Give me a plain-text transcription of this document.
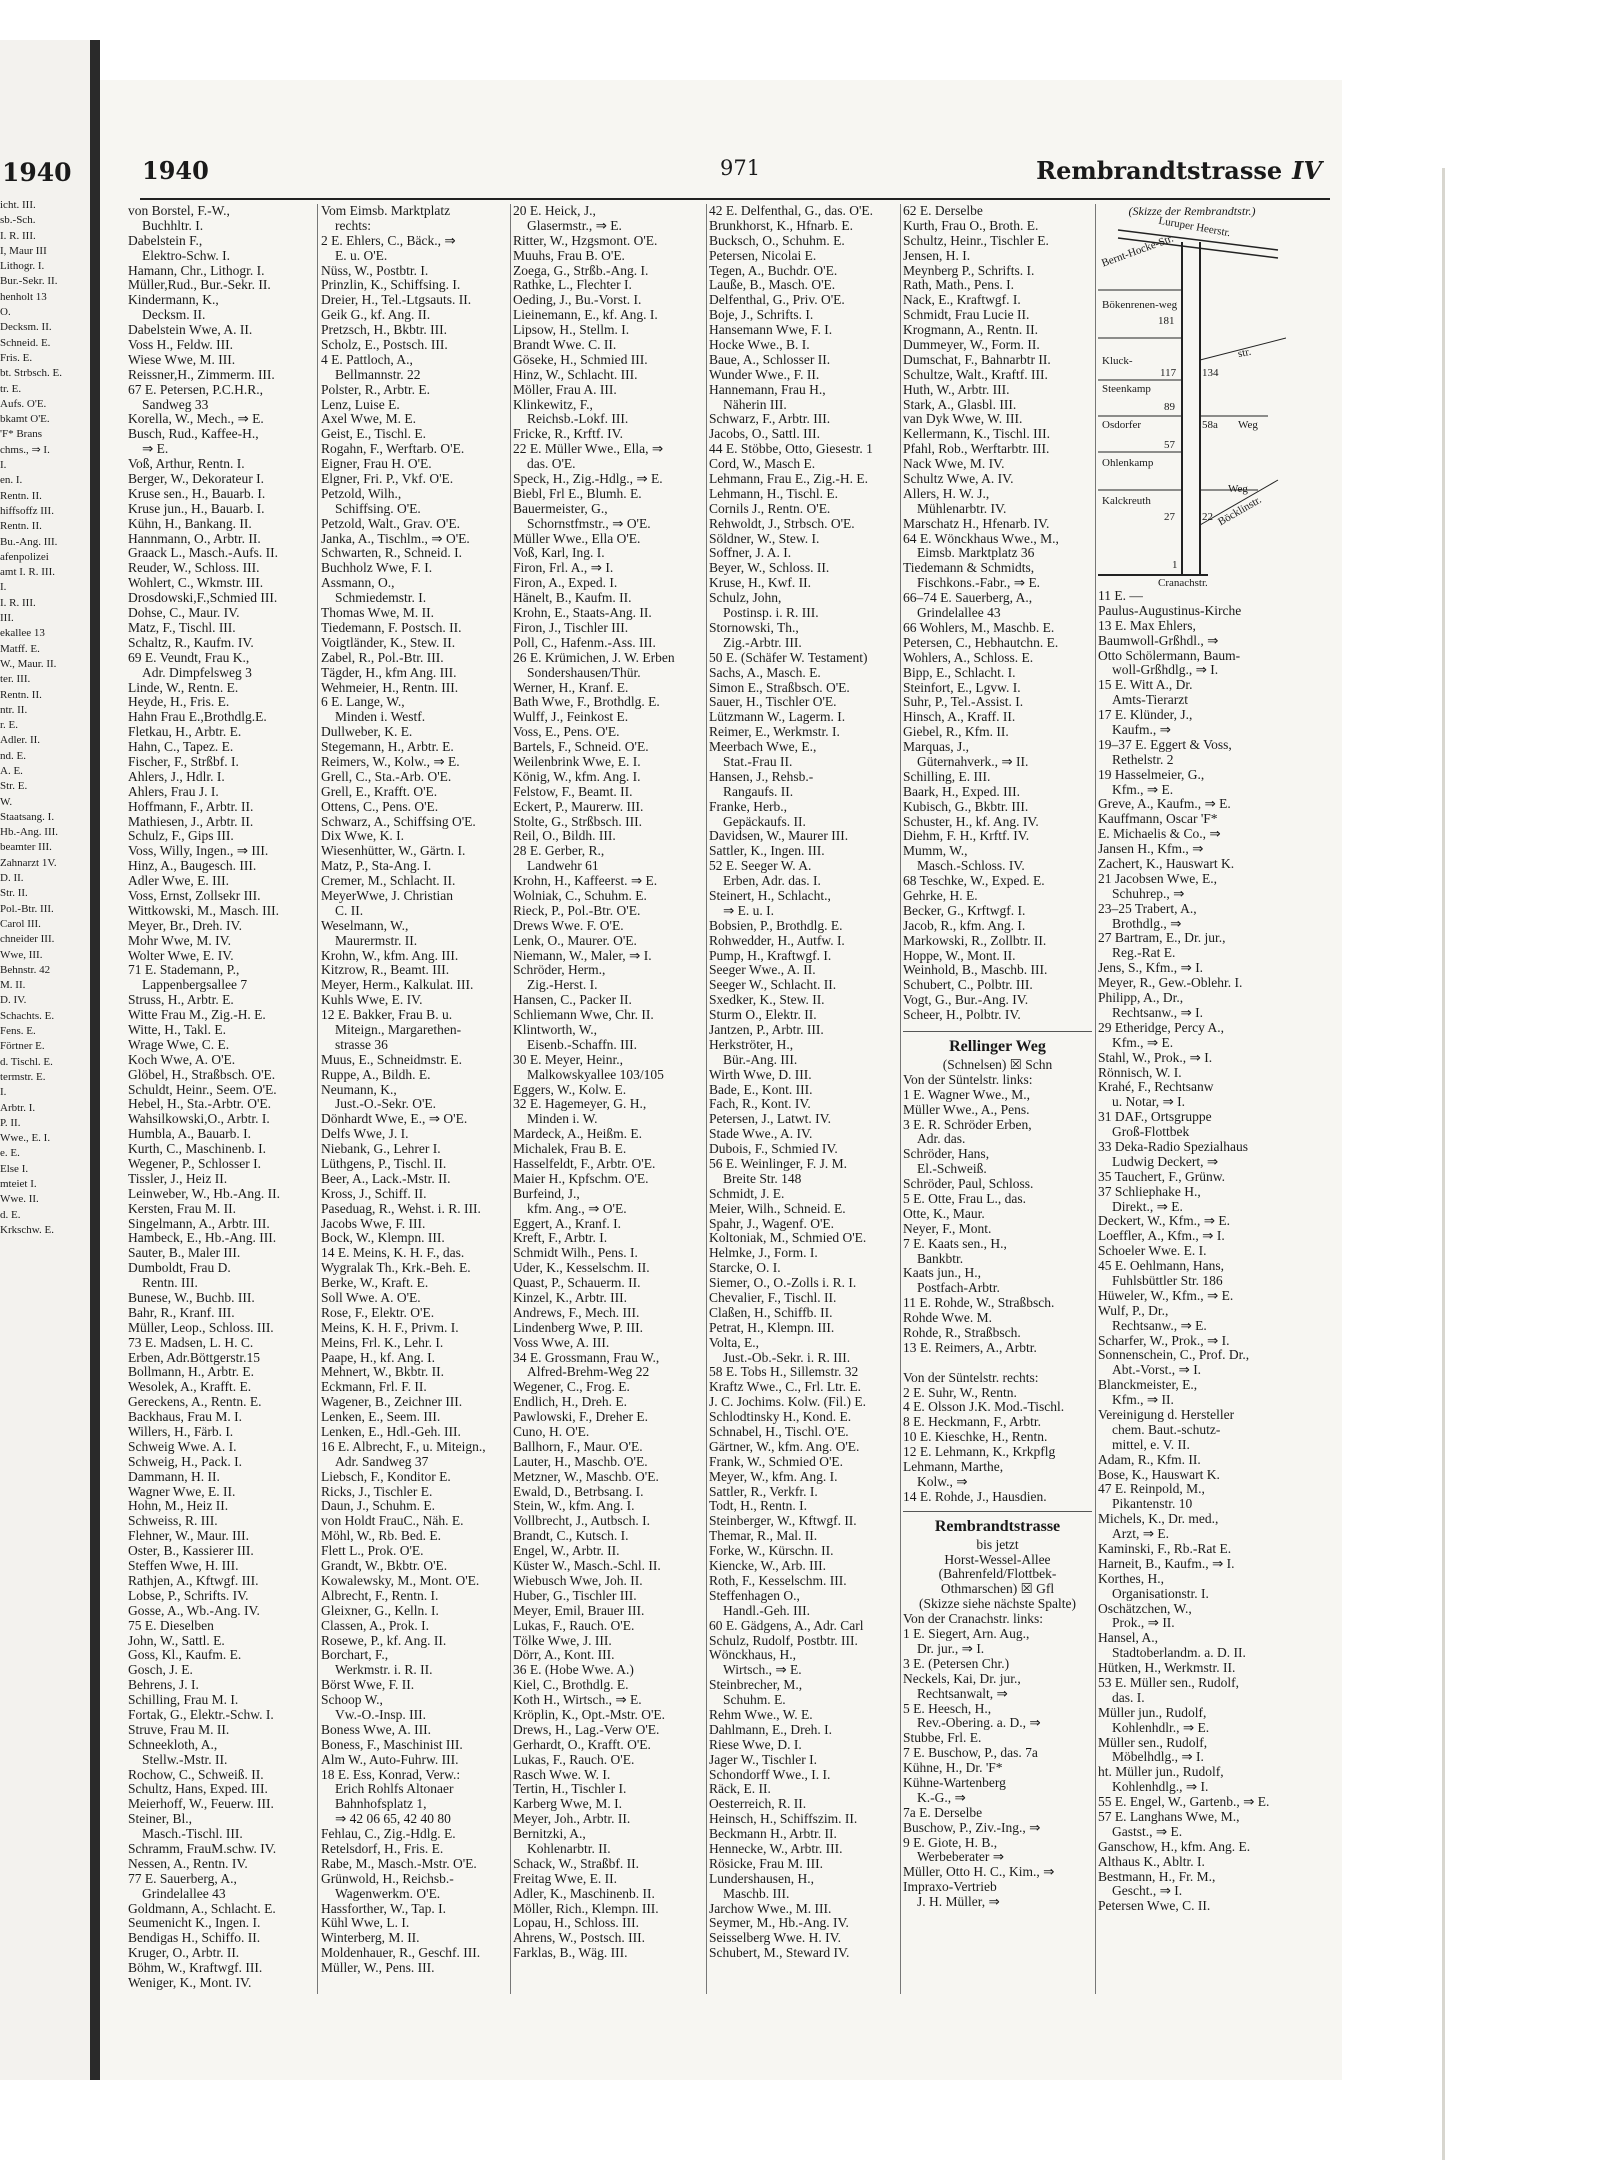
1940
icht. III.
sb.-Sch.
I. R. III.
I, Maur III
Lithogr. I.
Bur.-Sekr. II.
henholt 13
O.
Decksm. II.
Schneid. E.
Fris. E.
bt. Strbsch. E.
tr. E.
Aufs. O'E.
bkamt O'E.
'F* Brans
chms., ⇒ I.
I.
en. I.
Rentn. II.
hiffsoffz III.
Rentn. II.
Bu.-Ang. III.
afenpolizei
amt I. R. III.
I.
I. R. III.
III.
ekallee 13
Matff. E.
W., Maur. II.
ter. III.
Rentn. II.
ntr. II.
r. E.
Adler. II.
nd. E.
A. E.
Str. E.
W.
Staatsang. I.
Hb.-Ang. III.
beamter III.
Zahnarzt 1V.
D. II.
Str. II.
Pol.-Btr. III.
Carol III.
chneider III.
Wwe, III.
Behnstr. 42
M. II.
D. IV.
Schachts. E.
Fens. E.
Förtner E.
d. Tischl. E.
termstr. E.
I.
Arbtr. I.
P. II.
Wwe., E. I.
e. E.
Else I.
mteiet I.
Wwe. II.
d. E.
Krkschw. E.
1940	971	Rembrandtstrasse IV
von Borstel, F.-W.,
Buchhltr. I.
Dabelstein F.,
Elektro-Schw. I.
Hamann, Chr., Lithogr. I.
Müller,Rud., Bur.-Sekr. II.
Kindermann, K.,
Decksm. II.
Dabelstein Wwe, A. II.
Voss H., Feldw. III.
Wiese Wwe, M. III.
Reissner,H., Zimmerm. III.
67 E. Petersen, P.C.H.R.,
Sandweg 33
Korella, W., Mech., ⇒ E.
Busch, Rud., Kaffee-H.,
⇒ E.
Voß, Arthur, Rentn. I.
Berger, W., Dekorateur I.
Kruse sen., H., Bauarb. I.
Kruse jun., H., Bauarb. I.
Kühn, H., Bankang. II.
Hannmann, O., Arbtr. II.
Graack L., Masch.-Aufs. II.
Reuder, W., Schloss. III.
Wohlert, C., Wkmstr. III.
Drosdowski,F.,Schmied III.
Dohse, C., Maur. IV.
Matz, F., Tischl. III.
Schaltz, R., Kaufm. IV.
69 E. Veundt, Frau K.,
Adr. Dimpfelsweg 3
Linde, W., Rentn. E.
Heyde, H., Fris. E.
Hahn Frau E.,Brothdlg.E.
Fletkau, H., Arbtr. E.
Hahn, C., Tapez. E.
Fischer, F., Strßbf. I.
Ahlers, J., Hdlr. I.
Ahlers, Frau J. I.
Hoffmann, F., Arbtr. II.
Mathiesen, J., Arbtr. II.
Schulz, F., Gips III.
Voss, Willy, Ingen., ⇒ III.
Hinz, A., Baugesch. III.
Adler Wwe, E. III.
Voss, Ernst, Zollsekr III.
Wittkowski, M., Masch. III.
Meyer, Br., Dreh. IV.
Mohr Wwe, M. IV.
Wolter Wwe, E. IV.
71 E. Stademann, P.,
Lappenbergsallee 7
Struss, H., Arbtr. E.
Witte Frau M., Zig.-H. E.
Witte, H., Takl. E.
Wrage Wwe, C. E.
Koch Wwe, A. O'E.
Glöbel, H., Straßbsch. O'E.
Schuldt, Heinr., Seem. O'E.
Hebel, H., Sta.-Arbtr. O'E.
Wahsilkowski,O., Arbtr. I.
Humbla, A., Bauarb. I.
Kurth, C., Maschinenb. I.
Wegener, P., Schlosser I.
Tissler, J., Heiz II.
Leinweber, W., Hb.-Ang. II.
Kersten, Frau M. II.
Singelmann, A., Arbtr. III.
Hambeck, E., Hb.-Ang. III.
Sauter, B., Maler III.
Dumboldt, Frau D.
Rentn. III.
Bunese, W., Buchb. III.
Bahr, R., Kranf. III.
Müller, Leop., Schloss. III.
73 E. Madsen, L. H. C.
Erben, Adr.Böttgerstr.15
Bollmann, H., Arbtr. E.
Wesolek, A., Krafft. E.
Gereckens, A., Rentn. E.
Backhaus, Frau M. I.
Willers, H., Färb. I.
Schweig Wwe. A. I.
Schweig, H., Pack. I.
Dammann, H. II.
Wagner Wwe, E. II.
Hohn, M., Heiz II.
Schweiss, R. III.
Flehner, W., Maur. III.
Oster, B., Kassierer III.
Steffen Wwe, H. III.
Rathjen, A., Kftwgf. III.
Lobse, P., Schrifts. IV.
Gosse, A., Wb.-Ang. IV.
75 E. Dieselben
John, W., Sattl. E.
Goss, Kl., Kaufm. E.
Gosch, J. E.
Behrens, J. I.
Schilling, Frau M. I.
Fortak, G., Elektr.-Schw. I.
Struve, Frau M. II.
Schneekloth, A.,
Stellw.-Mstr. II.
Rochow, C., Schweiß. II.
Schultz, Hans, Exped. III.
Meierhoff, W., Feuerw. III.
Steiner, Bl.,
Masch.-Tischl. III.
Schramm, FrauM.schw. IV.
Nessen, A., Rentn. IV.
77 E. Sauerberg, A.,
Grindelallee 43
Goldmann, A., Schlacht. E.
Seumenicht K., Ingen. I.
Bendigas H., Schiffo. II.
Kruger, O., Arbtr. II.
Böhm, W., Kraftwgf. III.
Weniger, K., Mont. IV.
Vom Eimsb. Marktplatz
rechts:
2 E. Ehlers, C., Bäck., ⇒
E. u. O'E.
Nüss, W., Postbtr. I.
Prinzlin, K., Schiffsing. I.
Dreier, H., Tel.-Ltgsauts. II.
Geik G., kf. Ang. II.
Pretzsch, H., Bkbtr. III.
Scholz, E., Postsch. III.
4 E. Pattloch, A.,
Bellmannstr. 22
Polster, R., Arbtr. E.
Lenz, Luise E.
Axel Wwe, M. E.
Geist, E., Tischl. E.
Rogahn, F., Werftarb. O'E.
Eigner, Frau H. O'E.
Elgner, Fri. P., Vkf. O'E.
Petzold, Wilh.,
Schiffsing. O'E.
Petzold, Walt., Grav. O'E.
Janka, A., Tischlm., ⇒ O'E.
Schwarten, R., Schneid. I.
Buchholz Wwe, F. I.
Assmann, O.,
Schmiedemstr. I.
Thomas Wwe, M. II.
Tiedemann, F. Postsch. II.
Voigtländer, K., Stew. II.
Zabel, R., Pol.-Btr. III.
Tägder, H., kfm Ang. III.
Wehmeier, H., Rentn. III.
6 E. Lange, W.,
Minden i. Westf.
Dullweber, K. E.
Stegemann, H., Arbtr. E.
Reimers, W., Kolw., ⇒ E.
Grell, C., Sta.-Arb. O'E.
Grell, E., Krafft. O'E.
Ottens, C., Pens. O'E.
Schwarz, A., Schiffsing O'E.
Dix Wwe, K. I.
Wiesenhütter, W., Gärtn. I.
Matz, P., Sta-Ang. I.
Cremer, M., Schlacht. II.
MeyerWwe, J. Christian
C. II.
Weselmann, W.,
Maurermstr. II.
Krohn, W., kfm. Ang. III.
Kitzrow, R., Beamt. III.
Meyer, Herm., Kalkulat. III.
Kuhls Wwe, E. IV.
12 E. Bakker, Frau B. u.
Miteign., Margarethen-
strasse 36
Muus, E., Schneidmstr. E.
Ruppe, A., Bildh. E.
Neumann, K.,
Just.-O.-Sekr. O'E.
Dönhardt Wwe, E., ⇒ O'E.
Delfs Wwe, J. I.
Niebank, G., Lehrer I.
Lüthgens, P., Tischl. II.
Beer, A., Lack.-Mstr. II.
Kross, J., Schiff. II.
Paseduag, R., Wehst. i. R. III.
Jacobs Wwe, F. III.
Bock, W., Klempn. III.
14 E. Meins, K. H. F., das.
Wygralak Th., Krk.-Beh. E.
Berke, W., Kraft. E.
Soll Wwe. A. O'E.
Rose, F., Elektr. O'E.
Meins, K. H. F., Privm. I.
Meins, Frl. K., Lehr. I.
Paape, H., kf. Ang. I.
Mehnert, W., Bkbtr. II.
Eckmann, Frl. F. II.
Wagener, B., Zeichner III.
Lenken, E., Seem. III.
Lenken, E., Hdl.-Geh. III.
16 E. Albrecht, F., u. Miteign.,
Adr. Sandweg 37
Liebsch, F., Konditor E.
Ricks, J., Tischler E.
Daun, J., Schuhm. E.
von Holdt FrauC., Näh. E.
Möhl, W., Rb. Bed. E.
Flett L., Prok. O'E.
Grandt, W., Bkbtr. O'E.
Kowalewsky, M., Mont. O'E.
Albrecht, F., Rentn. I.
Gleixner, G., Kelln. I.
Classen, A., Prok. I.
Rosewe, P., kf. Ang. II.
Borchart, F.,
Werkmstr. i. R. II.
Börst Wwe, F. II.
Schoop W.,
Vw.-O.-Insp. III.
Boness Wwe, A. III.
Boness, F., Maschinist III.
Alm W., Auto-Fuhrw. III.
18 E. Ess, Konrad, Verw.:
Erich Rohlfs Altonaer
Bahnhofsplatz 1,
⇒ 42 06 65, 42 40 80
Fehlau, C., Zig.-Hdlg. E.
Retelsdorf, H., Fris. E.
Rabe, M., Masch.-Mstr. O'E.
Grünwold, H., Reichsb.-
Wagenwerkm. O'E.
Hassforther, W., Tap. I.
Kühl Wwe, L. I.
Winterberg, M. II.
Moldenhauer, R., Geschf. III.
Müller, W., Pens. III.
20 E. Heick, J.,
Glasermstr., ⇒ E.
Ritter, W., Hzgsmont. O'E.
Muuhs, Frau B. O'E.
Zoega, G., Strßb.-Ang. I.
Rathke, L., Flechter I.
Oeding, J., Bu.-Vorst. I.
Lieinemann, E., kf. Ang. I.
Lipsow, H., Stellm. I.
Brandt Wwe. C. II.
Göseke, H., Schmied III.
Hinz, W., Schlacht. III.
Möller, Frau A. III.
Klinkewitz, F.,
Reichsb.-Lokf. III.
Fricke, R., Krftf. IV.
22 E. Müller Wwe., Ella, ⇒
das. O'E.
Speck, H., Zig.-Hdlg., ⇒ E.
Biebl, Frl E., Blumh. E.
Bauermeister, G.,
Schornstfmstr., ⇒ O'E.
Müller Wwe., Ella O'E.
Voß, Karl, Ing. I.
Firon, Frl. A., ⇒ I.
Firon, A., Exped. I.
Hänelt, B., Kaufm. II.
Krohn, E., Staats-Ang. II.
Firon, J., Tischler III.
Poll, C., Hafenm.-Ass. III.
26 E. Krümichen, J. W. Erben
Sondershausen/Thür.
Werner, H., Kranf. E.
Bath Wwe, F., Brothdlg. E.
Wulff, J., Feinkost E.
Voss, E., Pens. O'E.
Bartels, F., Schneid. O'E.
Weilenbrink Wwe, E. I.
König, W., kfm. Ang. I.
Felstow, F., Beamt. II.
Eckert, P., Maurerw. III.
Stolte, G., Strßbsch. III.
Reil, O., Bildh. III.
28 E. Gerber, R.,
Landwehr 61
Krohn, H., Kaffeerst. ⇒ E.
Wolniak, C., Schuhm. E.
Rieck, P., Pol.-Btr. O'E.
Drews Wwe. F. O'E.
Lenk, O., Maurer. O'E.
Niemann, W., Maler, ⇒ I.
Schröder, Herm.,
Zig.-Herst. I.
Hansen, C., Packer II.
Schliemann Wwe, Chr. II.
Klintworth, W.,
Eisenb.-Schaffn. III.
30 E. Meyer, Heinr.,
Malkowskyallee 103/105
Eggers, W., Kolw. E.
32 E. Hagemeyer, G. H.,
Minden i. W.
Mardeck, A., Heißm. E.
Michalek, Frau B. E.
Hasselfeldt, F., Arbtr. O'E.
Maier H., Kpfschm. O'E.
Burfeind, J.,
kfm. Ang., ⇒ O'E.
Eggert, A., Kranf. I.
Kreft, F., Arbtr. I.
Schmidt Wilh., Pens. I.
Uder, K., Kesselschm. II.
Quast, P., Schauerm. II.
Kinzel, K., Arbtr. III.
Andrews, F., Mech. III.
Lindenberg Wwe, P. III.
Voss Wwe, A. III.
34 E. Grossmann, Frau W.,
Alfred-Brehm-Weg 22
Wegener, C., Frog. E.
Endlich, H., Dreh. E.
Pawlowski, F., Dreher E.
Cuno, H. O'E.
Ballhorn, F., Maur. O'E.
Lauter, H., Maschb. O'E.
Metzner, W., Maschb. O'E.
Ewald, D., Betrbsang. I.
Stein, W., kfm. Ang. I.
Vollbrecht, J., Autbsch. I.
Brandt, C., Kutsch. I.
Engel, W., Arbtr. II.
Küster W., Masch.-Schl. II.
Wiebusch Wwe, Joh. II.
Huber, G., Tischler III.
Meyer, Emil, Brauer III.
Lukas, F., Rauch. O'E.
Tölke Wwe, J. III.
Dörr, A., Kont. III.
36 E. (Hobe Wwe. A.)
Kiel, C., Brothdlg. E.
Koth H., Wirtsch., ⇒ E.
Kröplin, K., Opt.-Mstr. O'E.
Drews, H., Lag.-Verw O'E.
Gerhardt, O., Krafft. O'E.
Lukas, F., Rauch. O'E.
Rasch Wwe. W. I.
Tertin, H., Tischler I.
Karberg Wwe, M. I.
Meyer, Joh., Arbtr. II.
Bernitzki, A.,
Kohlenarbtr. II.
Schack, W., Straßbf. II.
Freitag Wwe, E. II.
Adler, K., Maschinenb. II.
Möller, Rich., Klempn. III.
Lopau, H., Schloss. III.
Ahrens, W., Postsch. III.
Farklas, B., Wäg. III.
42 E. Delfenthal, G., das. O'E.
Brunkhorst, K., Hfnarb. E.
Bucksch, O., Schuhm. E.
Petersen, Nicolai E.
Tegen, A., Buchdr. O'E.
Lauße, B., Masch. O'E.
Delfenthal, G., Priv. O'E.
Boje, J., Schrifts. I.
Hansemann Wwe, F. I.
Hocke Wwe., B. I.
Baue, A., Schlosser II.
Wunder Wwe., F. II.
Hannemann, Frau H.,
Näherin III.
Schwarz, F., Arbtr. III.
Jacobs, O., Sattl. III.
44 E. Stöbbe, Otto, Giesestr. 1
Cord, W., Masch E.
Lehmann, Frau E., Zig.-H. E.
Lehmann, H., Tischl. E.
Cornils J., Rentn. O'E.
Rehwoldt, J., Strbsch. O'E.
Söldner, W., Stew. I.
Soffner, J. A. I.
Beyer, W., Schloss. II.
Kruse, H., Kwf. II.
Schulz, John,
Postinsp. i. R. III.
Stornowski, Th.,
Zig.-Arbtr. III.
50 E. (Schäfer W. Testament)
Sachs, A., Masch. E.
Simon E., Straßbsch. O'E.
Sauer, H., Tischler O'E.
Lützmann W., Lagerm. I.
Reimer, E., Werkmstr. I.
Meerbach Wwe, E.,
Stat.-Frau II.
Hansen, J., Rehsb.-
Rangaufs. II.
Franke, Herb.,
Gepäckaufs. II.
Davidsen, W., Maurer III.
Sattler, K., Ingen. III.
52 E. Seeger W. A.
Erben, Adr. das. I.
Steinert, H., Schlacht.,
⇒ E. u. I.
Bobsien, P., Brothdlg. E.
Rohwedder, H., Autfw. I.
Pump, H., Kraftwgf. I.
Seeger Wwe., A. II.
Seeger W., Schlacht. II.
Sxedker, K., Stew. II.
Sturm O., Elektr. II.
Jantzen, P., Arbtr. III.
Herkströter, H.,
Bür.-Ang. III.
Wirth Wwe, D. III.
Bade, E., Kont. III.
Fach, R., Kont. IV.
Petersen, J., Latwt. IV.
Stade Wwe., A. IV.
Dubois, F., Schmied IV.
56 E. Weinlinger, F. J. M.
Breite Str. 148
Schmidt, J. E.
Meier, Wilh., Schneid. E.
Spahr, J., Wagenf. O'E.
Koltoniak, M., Schmied O'E.
Helmke, J., Form. I.
Starcke, O. I.
Siemer, O., O.-Zolls i. R. I.
Chevalier, F., Tischl. II.
Claßen, H., Schiffb. II.
Petrat, H., Klempn. III.
Volta, E.,
Just.-Ob.-Sekr. i. R. III.
58 E. Tobs H., Sillemstr. 32
Kraftz Wwe., C., Frl. Ltr. E.
J. C. Jochims. Kolw. (Fil.) E.
Schlodtinsky H., Kond. E.
Schnabel, H., Tischl. O'E.
Gärtner, W., kfm. Ang. O'E.
Frank, W., Schmied O'E.
Meyer, W., kfm. Ang. I.
Sattler, R., Verkfr. I.
Todt, H., Rentn. I.
Steinberger, W., Kftwgf. II.
Themar, R., Mal. II.
Forke, W., Kürschn. II.
Kiencke, W., Arb. III.
Roth, F., Kesselschm. III.
Steffenhagen O.,
Handl.-Geh. III.
60 E. Gädgens, A., Adr. Carl
Schulz, Rudolf, Postbtr. III.
Wönckhaus, H.,
Wirtsch., ⇒ E.
Steinbrecher, M.,
Schuhm. E.
Rehm Wwe., W. E.
Dahlmann, E., Dreh. I.
Riese Wwe, D. I.
Jager W., Tischler I.
Schondorff Wwe., I. I.
Räck, E. II.
Oesterreich, R. II.
Heinsch, H., Schiffszim. II.
Beckmann H., Arbtr. II.
Hennecke, W., Arbtr. III.
Rösicke, Frau M. III.
Lundershausen, H.,
Maschb. III.
Jarchow Wwe., M. III.
Seymer, M., Hb.-Ang. IV.
Seisselberg Wwe. H. IV.
Schubert, M., Steward IV.
62 E. Derselbe
Kurth, Frau O., Broth. E.
Schultz, Heinr., Tischler E.
Jensen, H. I.
Meynberg P., Schrifts. I.
Rath, Math., Pens. I.
Nack, E., Kraftwgf. I.
Schmidt, Frau Lucie II.
Krogmann, A., Rentn. II.
Dummeyer, W., Form. II.
Dumschat, F., Bahnarbtr II.
Schultze, Walt., Kraftf. III.
Huth, W., Arbtr. III.
Stark, A., Glasbl. III.
van Dyk Wwe, W. III.
Kellermann, K., Tischl. III.
Pfahl, Rob., Werftarbtr. III.
Nack Wwe, M. IV.
Schultz Wwe, A. IV.
Allers, H. W. J.,
Mühlenarbtr. IV.
Marschatz H., Hfenarb. IV.
64 E. Wönckhaus Wwe., M.,
Eimsb. Marktplatz 36
Tiedemann & Schmidts,
Fischkons.-Fabr., ⇒ E.
66–74 E. Sauerberg, A.,
Grindelallee 43
66 Wohlers, M., Maschb. E.
Petersen, C., Hebhautchn. E.
Wohlers, A., Schloss. E.
Bipp, E., Schlacht. I.
Steinfort, E., Lgvw. I.
Suhr, P., Tel.-Assist. I.
Hinsch, A., Kraff. II.
Giebel, R., Kfm. II.
Marquas, J.,
Güternahverk., ⇒ II.
Schilling, E. III.
Baark, H., Exped. III.
Kubisch, G., Bkbtr. III.
Schuster, H., kf. Ang. IV.
Diehm, F. H., Krftf. IV.
Mumm, W.,
Masch.-Schloss. IV.
68 Teschke, W., Exped. E.
Gehrke, H. E.
Becker, G., Krftwgf. I.
Jacob, R., kfm. Ang. I.
Markowski, R., Zollbtr. II.
Hoppe, W., Mont. II.
Weinhold, B., Maschb. III.
Schubert, C., Polbtr. III.
Vogt, G., Bur.-Ang. IV.
Scheer, H., Polbtr. IV.
Rellinger Weg
(Schnelsen) ☒ Schn
Von der Süntelstr. links:
1 E. Wagner Wwe., M.,
Müller Wwe., A., Pens.
3 E. R. Schröder Erben,
Adr. das.
Schröder, Hans,
El.-Schweiß.
Schröder, Paul, Schloss.
5 E. Otte, Frau L., das.
Otte, K., Maur.
Neyer, F., Mont.
7 E. Kaats sen., H.,
Bankbtr.
Kaats jun., H.,
Postfach-Arbtr.
11 E. Rohde, W., Straßbsch.
Rohde Wwe. M.
Rohde, R., Straßbsch.
13 E. Reimers, A., Arbtr.
Von der Süntelstr. rechts:
2 E. Suhr, W., Rentn.
4 E. Olsson J.K. Mod.-Tischl.
8 E. Heckmann, F., Arbtr.
10 E. Kieschke, H., Rentn.
12 E. Lehmann, K., Krkpflg
Lehmann, Marthe,
Kolw., ⇒
14 E. Rohde, J., Hausdien.
Rembrandtstrasse
bis jetzt
Horst-Wessel-Allee
(Bahrenfeld/Flottbek-
Othmarschen) ☒ Gfl
(Skizze siehe nächste Spalte)
Von der Cranachstr. links:
1 E. Siegert, Arn. Aug.,
Dr. jur., ⇒ I.
3 E. (Petersen Chr.)
Neckels, Kai, Dr. jur.,
Rechtsanwalt, ⇒
5 E. Heesch, H.,
Rev.-Obering. a. D., ⇒
Stubbe, Frl. E.
7 E. Buschow, P., das. 7a
Kühne, H., Dr. 'F*
Kühne-Wartenberg
K.-G., ⇒
7a E. Derselbe
Buschow, P., Ziv.-Ing., ⇒
9 E. Giote, H. B.,
Werbeberater ⇒
Müller, Otto H. C., Kim., ⇒
Impraxo-Vertrieb
J. H. Müller, ⇒
(Skizze der Rembrandtstr.)
Luruper Heerstr.
Bernt-Hocke-Str.
Bökenrenen-weg
181
Kluck-
str.
117 134
Steenkamp
89
Osdorfer	58a Weg
57
Ohlenkamp
Kalckreuth
Weg
27 22 Böcklinstr.
1
Cranachstr.
11 E. —
Paulus-Augustinus-Kirche
13 E. Max Ehlers,
Baumwoll-Grßhdl., ⇒
Otto Schölermann, Baum-
woll-Grßhdlg., ⇒ I.
15 E. Witt A., Dr.
Amts-Tierarzt
17 E. Klünder, J.,
Kaufm., ⇒
19–37 E. Eggert & Voss,
Rethelstr. 2
19 Hasselmeier, G.,
Kfm., ⇒ E.
Greve, A., Kaufm., ⇒ E.
Kauffmann, Oscar 'F*
E. Michaelis & Co., ⇒
Jansen H., Kfm., ⇒
Zachert, K., Hauswart K.
21 Jacobsen Wwe, E.,
Schuhrep., ⇒
23–25 Trabert, A.,
Brothdlg., ⇒
27 Bartram, E., Dr. jur.,
Reg.-Rat E.
Jens, S., Kfm., ⇒ I.
Meyer, R., Gew.-Oblehr. I.
Philipp, A., Dr.,
Rechtsanw., ⇒ I.
29 Etheridge, Percy A.,
Kfm., ⇒ E.
Stahl, W., Prok., ⇒ I.
Rönnisch, W. I.
Krahé, F., Rechtsanw
u. Notar, ⇒ I.
31 DAF., Ortsgruppe
Groß-Flottbek
33 Deka-Radio Spezialhaus
Ludwig Deckert, ⇒
35 Tauchert, F., Grünw.
37 Schliephake H.,
Direkt., ⇒ E.
Deckert, W., Kfm., ⇒ E.
Loeffler, A., Kfm., ⇒ I.
Schoeler Wwe. E. I.
45 E. Oehlmann, Hans,
Fuhlsbüttler Str. 186
Hüweler, W., Kfm., ⇒ E.
Wulf, P., Dr.,
Rechtsanw., ⇒ E.
Scharfer, W., Prok., ⇒ I.
Sonnenschein, C., Prof. Dr.,
Abt.-Vorst., ⇒ I.
Blanckmeister, E.,
Kfm., ⇒ II.
Vereinigung d. Hersteller
chem. Baut.-schutz-
mittel, e. V. II.
Adam, R., Kfm. II.
Bose, K., Hauswart K.
47 E. Reinpold, M.,
Pikantenstr. 10
Michels, K., Dr. med.,
Arzt, ⇒ E.
Kaminski, F., Rb.-Rat E.
Harneit, B., Kaufm., ⇒ I.
Korthes, H.,
Organisationstr. I.
Oschätzchen, W.,
Prok., ⇒ II.
Hansel, A.,
Stadtoberlandm. a. D. II.
Hütken, H., Werkmstr. II.
53 E. Müller sen., Rudolf,
das. I.
Müller jun., Rudolf,
Kohlenhdlr., ⇒ E.
Müller sen., Rudolf,
Möbelhdlg., ⇒ I.
ht. Müller jun., Rudolf,
Kohlenhdlg., ⇒ I.
55 E. Engel, W., Gartenb., ⇒ E.
57 E. Langhans Wwe, M.,
Gastst., ⇒ E.
Ganschow, H., kfm. Ang. E.
Althaus K., Abltr. I.
Bestmann, H., Fr. M.,
Gescht., ⇒ I.
Petersen Wwe, C. II.
